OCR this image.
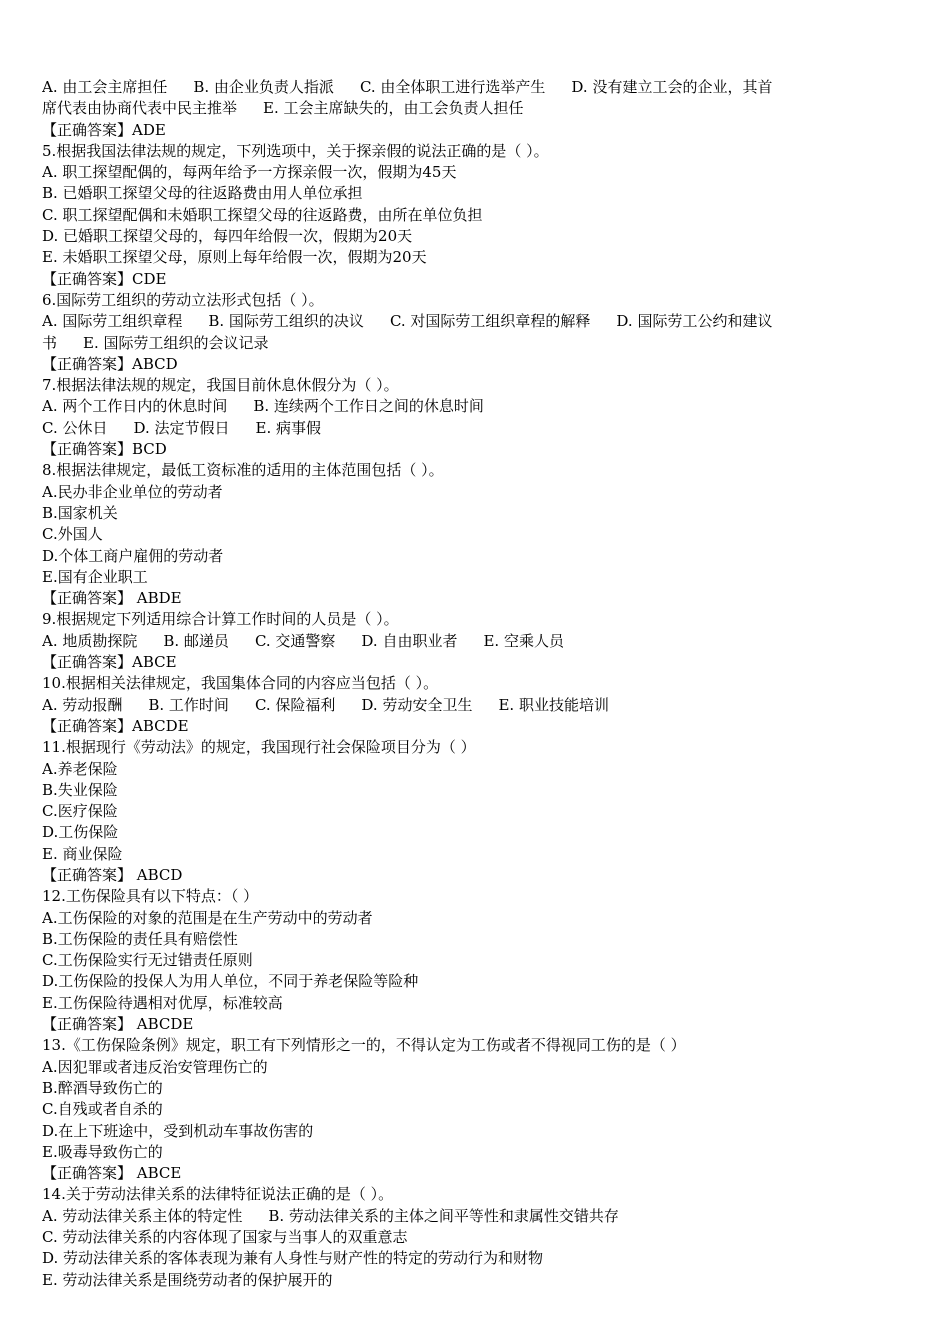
A. 由工会主席担任 B. 由企业负责人指派 C. 由全体职工进行选举产生 D. 没有建立工会的企业，其首
席代表由协商代表中民主推举 E. 工会主席缺失的，由工会负责人担任
【正确答案】ADE
5.根据我国法律法规的规定，下列选项中，关于探亲假的说法正确的是（ ）。
A. 职工探望配偶的，每两年给予一方探亲假一次，假期为45天
B. 已婚职工探望父母的往返路费由用人单位承担
C. 职工探望配偶和未婚职工探望父母的往返路费，由所在单位负担
D. 已婚职工探望父母的，每四年给假一次，假期为20天
E. 未婚职工探望父母，原则上每年给假一次，假期为20天
【正确答案】CDE
6.国际劳工组织的劳动立法形式包括（ ）。
A. 国际劳工组织章程 B. 国际劳工组织的决议 C. 对国际劳工组织章程的解释 D. 国际劳工公约和建议
书 E. 国际劳工组织的会议记录
【正确答案】ABCD
7.根据法律法规的规定，我国目前休息休假分为（ ）。
A. 两个工作日内的休息时间 B. 连续两个工作日之间的休息时间
C. 公休日 D. 法定节假日 E. 病事假
【正确答案】BCD
8.根据法律规定，最低工资标准的适用的主体范围包括（ ）。
A.民办非企业单位的劳动者
B.国家机关
C.外国人
D.个体工商户雇佣的劳动者
E.国有企业职工
【正确答案】 ABDE
9.根据规定下列适用综合计算工作时间的人员是（ ）。
A. 地质勘探院 B. 邮递员 C. 交通警察 D. 自由职业者 E. 空乘人员
【正确答案】ABCE
10.根据相关法律规定，我国集体合同的内容应当包括（ ）。
A. 劳动报酬 B. 工作时间 C. 保险福利 D. 劳动安全卫生 E. 职业技能培训
【正确答案】ABCDE
11.根据现行《劳动法》的规定，我国现行社会保险项目分为（ ）
A.养老保险
B.失业保险
C.医疗保险
D.工伤保险
E. 商业保险
【正确答案】 ABCD
12.工伤保险具有以下特点：（ ）
A.工伤保险的对象的范围是在生产劳动中的劳动者
B.工伤保险的责任具有赔偿性
C.工伤保险实行无过错责任原则
D.工伤保险的投保人为用人单位，不同于养老保险等险种
E.工伤保险待遇相对优厚，标准较高
【正确答案】 ABCDE
13.《工伤保险条例》规定，职工有下列情形之一的，不得认定为工伤或者不得视同工伤的是（ ）
A.因犯罪或者违反治安管理伤亡的
B.醉酒导致伤亡的
C.自残或者自杀的
D.在上下班途中，受到机动车事故伤害的
E.吸毒导致伤亡的
【正确答案】 ABCE
14.关于劳动法律关系的法律特征说法正确的是（ ）。
A. 劳动法律关系主体的特定性 B. 劳动法律关系的主体之间平等性和隶属性交错共存
C. 劳动法律关系的内容体现了国家与当事人的双重意志
D. 劳动法律关系的客体表现为兼有人身性与财产性的特定的劳动行为和财物
E. 劳动法律关系是围绕劳动者的保护展开的
